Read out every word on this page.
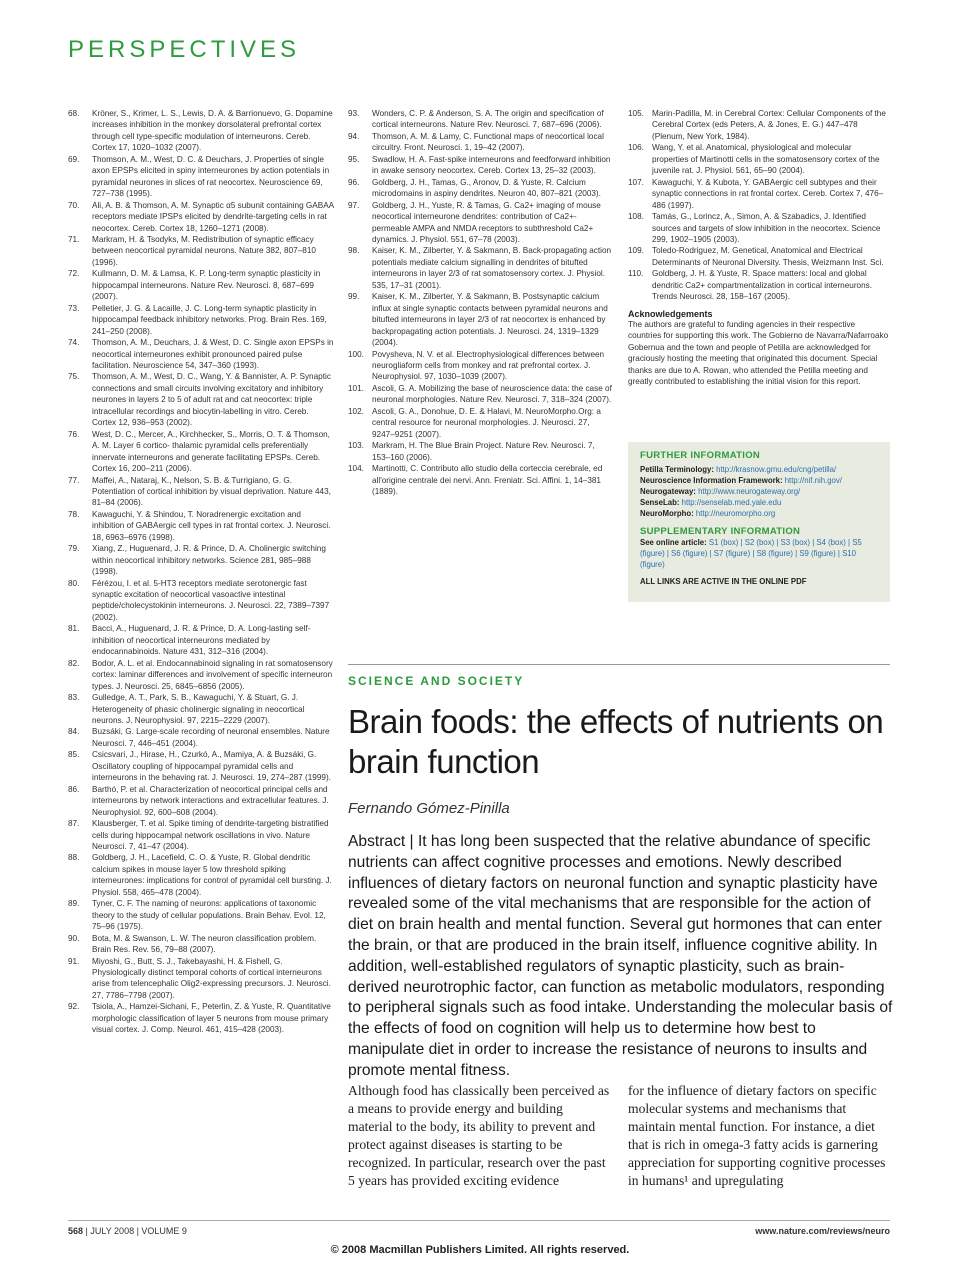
PERSPECTIVES
68.	Kröner, S., Krimer, L. S., Lewis, D. A. & Barrionuevo, G. Dopamine increases inhibition in the monkey dorsolateral prefrontal cortex through cell type-specific modulation of interneurons. Cereb. Cortex 17, 1020–1032 (2007).
69.	Thomson, A. M., West, D. C. & Deuchars, J. Properties of single axon EPSPs elicited in spiny interneurones by action potentials in pyramidal neurones in slices of rat neocortex. Neuroscience 69, 727–738 (1995).
70.	Ali, A. B. & Thomson, A. M. Synaptic α5 subunit containing GABAA receptors mediate IPSPs elicited by dendrite-targeting cells in rat neocortex. Cereb. Cortex 18, 1260–1271 (2008).
71.	Markram, H. & Tsodyks, M. Redistribution of synaptic efficacy between neocortical pyramidal neurons. Nature 382, 807–810 (1996).
72.	Kullmann, D. M. & Lamsa, K. P. Long-term synaptic plasticity in hippocampal interneurons. Nature Rev. Neurosci. 8, 687–699 (2007).
73.	Pelletier, J. G. & Lacaille, J. C. Long-term synaptic plasticity in hippocampal feedback inhibitory networks. Prog. Brain Res. 169, 241–250 (2008).
74.	Thomson, A. M., Deuchars, J. & West, D. C. Single axon EPSPs in neocortical interneurones exhibit pronounced paired pulse facilitation. Neuroscience 54, 347–360 (1993).
75.	Thomson, A. M., West, D. C., Wang, Y. & Bannister, A. P. Synaptic connections and small circuits involving excitatory and inhibitory neurones in layers 2 to 5 of adult rat and cat neocortex: triple intracellular recordings and biocytin-labelling in vitro. Cereb. Cortex 12, 936–953 (2002).
76.	West, D. C., Mercer, A., Kirchhecker, S., Morris, O. T. & Thomson, A. M. Layer 6 cortico- thalamic pyramidal cells preferentially innervate interneurons and generate facilitating EPSPs. Cereb. Cortex 16, 200–211 (2006).
77.	Maffei, A., Nataraj, K., Nelson, S. B. & Turrigiano, G. G. Potentiation of cortical inhibition by visual deprivation. Nature 443, 81–84 (2006).
78.	Kawaguchi, Y. & Shindou, T. Noradrenergic excitation and inhibition of GABAergic cell types in rat frontal cortex. J. Neurosci. 18, 6963–6976 (1998).
79.	Xiang, Z., Huguenard, J. R. & Prince, D. A. Cholinergic switching within neocortical inhibitory networks. Science 281, 985–988 (1998).
80.	Férézou, I. et al. 5-HT3 receptors mediate serotonergic fast synaptic excitation of neocortical vasoactive intestinal peptide/cholecystokinin interneurons. J. Neurosci. 22, 7389–7397 (2002).
81.	Bacci, A., Huguenard, J. R. & Prince, D. A. Long-lasting self-inhibition of neocortical interneurons mediated by endocannabinoids. Nature 431, 312–316 (2004).
82.	Bodor, A. L. et al. Endocannabinoid signaling in rat somatosensory cortex: laminar differences and involvement of specific interneuron types. J. Neurosci. 25, 6845–6856 (2005).
83.	Gulledge, A. T., Park, S. B., Kawaguchi, Y. & Stuart, G. J. Heterogeneity of phasic cholinergic signaling in neocortical neurons. J. Neurophysiol. 97, 2215–2229 (2007).
84.	Buzsáki, G. Large-scale recording of neuronal ensembles. Nature Neurosci. 7, 446–451 (2004).
85.	Csicsvari, J., Hirase, H., Czurkó, A., Mamiya, A. & Buzsáki, G. Oscillatory coupling of hippocampal pyramidal cells and interneurons in the behaving rat. J. Neurosci. 19, 274–287 (1999).
86.	Barthó, P. et al. Characterization of neocortical principal cells and interneurons by network interactions and extracellular features. J. Neurophysiol. 92, 600–608 (2004).
87.	Klausberger, T. et al. Spike timing of dendrite-targeting bistratified cells during hippocampal network oscillations in vivo. Nature Neurosci. 7, 41–47 (2004).
88.	Goldberg, J. H., Lacefield, C. O. & Yuste, R. Global dendritic calcium spikes in mouse layer 5 low threshold spiking interneurones: implications for control of pyramidal cell bursting. J. Physiol. 558, 465–478 (2004).
89.	Tyner, C. F. The naming of neurons: applications of taxonomic theory to the study of cellular populations. Brain Behav. Evol. 12, 75–96 (1975).
90.	Bota, M. & Swanson, L. W. The neuron classification problem. Brain Res. Rev. 56, 79–88 (2007).
91.	Miyoshi, G., Butt, S. J., Takebayashi, H. & Fishell, G. Physiologically distinct temporal cohorts of cortical interneurons arise from telencephalic Olig2-expressing precursors. J. Neurosci. 27, 7786–7798 (2007).
92.	Tsiola, A., Hamzei-Sichani, F., Peterlin, Z. & Yuste, R. Quantitative morphologic classification of layer 5 neurons from mouse primary visual cortex. J. Comp. Neurol. 461, 415–428 (2003).
93.	Wonders, C. P. & Anderson, S. A. The origin and specification of cortical interneurons. Nature Rev. Neurosci. 7, 687–696 (2006).
94.	Thomson, A. M. & Lamy, C. Functional maps of neocortical local circuitry. Front. Neurosci. 1, 19–42 (2007).
95.	Swadlow, H. A. Fast-spike interneurons and feedforward inhibition in awake sensory neocortex. Cereb. Cortex 13, 25–32 (2003).
96.	Goldberg, J. H., Tamas, G., Aronov, D. & Yuste, R. Calcium microdomains in aspiny dendrites. Neuron 40, 807–821 (2003).
97.	Goldberg, J. H., Yuste, R. & Tamas, G. Ca2+ imaging of mouse neocortical interneurone dendrites: contribution of Ca2+-permeable AMPA and NMDA receptors to subthreshold Ca2+ dynamics. J. Physiol. 551, 67–78 (2003).
98.	Kaiser, K. M., Zilberter, Y. & Sakmann, B. Back-propagating action potentials mediate calcium signalling in dendrites of bitufted interneurons in layer 2/3 of rat somatosensory cortex. J. Physiol. 535, 17–31 (2001).
99.	Kaiser, K. M., Zilberter, Y. & Sakmann, B. Postsynaptic calcium influx at single synaptic contacts between pyramidal neurons and bitufted interneurons in layer 2/3 of rat neocortex is enhanced by backpropagating action potentials. J. Neurosci. 24, 1319–1329 (2004).
100. Povysheva, N. V. et al. Electrophysiological differences between neurogliaform cells from monkey and rat prefrontal cortex. J. Neurophysiol. 97, 1030–1039 (2007).
101. Ascoli, G. A. Mobilizing the base of neuroscience data: the case of neuronal morphologies. Nature Rev. Neurosci. 7, 318–324 (2007).
102. Ascoli, G. A., Donohue, D. E. & Halavi, M. NeuroMorpho.Org: a central resource for neuronal morphologies. J. Neurosci. 27, 9247–9251 (2007).
103. Markram, H. The Blue Brain Project. Nature Rev. Neurosci. 7, 153–160 (2006).
104. Martinotti, C. Contributo allo studio della corteccia cerebrale, ed all'origine centrale dei nervi. Ann. Freniatr. Sci. Affini. 1, 14–381 (1889).
105. Marin-Padilla, M. in Cerebral Cortex: Cellular Components of the Cerebral Cortex (eds Peters, A. & Jones, E. G.) 447–478 (Plenum, New York, 1984).
106. Wang, Y. et al. Anatomical, physiological and molecular properties of Martinotti cells in the somatosensory cortex of the juvenile rat. J. Physiol. 561, 65–90 (2004).
107. Kawaguchi, Y. & Kubota, Y. GABAergic cell subtypes and their synaptic connections in rat frontal cortex. Cereb. Cortex 7, 476–486 (1997).
108. Tamás, G., Lorincz, A., Simon, A. & Szabadics, J. Identified sources and targets of slow inhibition in the neocortex. Science 299, 1902–1905 (2003).
109. Toledo-Rodriguez, M. Genetical, Anatomical and Electrical Determinants of Neuronal Diversity. Thesis, Weizmann Inst. Sci.
110.	Goldberg, J. H. & Yuste, R. Space matters: local and global dendritic Ca2+ compartmentalization in cortical interneurons. Trends Neurosci. 28, 158–167 (2005).
Acknowledgements
The authors are grateful to funding agencies in their respective countries for supporting this work. The Gobierno de Navarra/Nafarroako Gobernua and the town and people of Petilla are acknowledged for graciously hosting the meeting that originated this document. Special thanks are due to A. Rowan, who attended the Petilla meeting and greatly contributed to establishing the initial vision for this report.
FURTHER INFORMATION
Petilla Terminology: http://krasnow.gmu.edu/cng/petilla/
Neuroscience Information Framework: http://nif.nih.gov/
Neurogateway: http://www.neurogateway.org/
SenseLab: http://senselab.med.yale.edu
NeuroMorpho: http://neuromorpho.org
SUPPLEMENTARY INFORMATION
See online article: S1 (box) | S2 (box) | S3 (box) | S4 (box) | S5 (figure) | S6 (figure) | S7 (figure) | S8 (figure) | S9 (figure) | S10 (figure)
ALL LINKS ARE ACTIVE IN THE ONLINE PDF
SCIENCE AND SOCIETY
Brain foods: the effects of nutrients on brain function
Fernando Gómez-Pinilla
Abstract | It has long been suspected that the relative abundance of specific nutrients can affect cognitive processes and emotions. Newly described influences of dietary factors on neuronal function and synaptic plasticity have revealed some of the vital mechanisms that are responsible for the action of diet on brain health and mental function. Several gut hormones that can enter the brain, or that are produced in the brain itself, influence cognitive ability. In addition, well-established regulators of synaptic plasticity, such as brain-derived neurotrophic factor, can function as metabolic modulators, responding to peripheral signals such as food intake. Understanding the molecular basis of the effects of food on cognition will help us to determine how best to manipulate diet in order to increase the resistance of neurons to insults and promote mental fitness.
Although food has classically been perceived as a means to provide energy and building material to the body, its ability to prevent and protect against diseases is starting to be recognized. In particular, research over the past 5 years has provided exciting evidence
for the influence of dietary factors on specific molecular systems and mechanisms that maintain mental function. For instance, a diet that is rich in omega-3 fatty acids is garnering appreciation for supporting cognitive processes in humans¹ and upregulating
568 | JULY 2008 | VOLUME 9	www.nature.com/reviews/neuro
© 2008 Macmillan Publishers Limited. All rights reserved.
